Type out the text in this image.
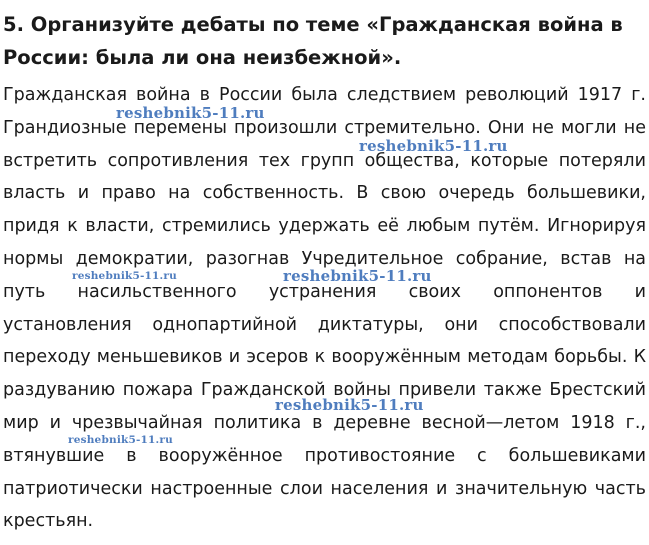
5. Организуйте дебаты по теме «Гражданская война в России: была ли она неизбежной».

Гражданская война в России была следствием революций 1917 г. Грандиозные перемены произошли стремительно. Они не могли не встретить сопротивления тех групп общества, которые потеряли власть и право на собственность. В свою очередь большевики, придя к власти, стремились удержать её любым путём. Игнорируя нормы демократии, разогнав Учредительное собрание, встав на путь насильственного устранения своих оппонентов и установления однопартийной диктатуры, они способствовали переходу меньшевиков и эсеров к вооружённым методам борьбы. К раздуванию пожара Гражданской войны привели также Брестский мир и чрезвычайная политика в деревне весной—летом 1918 г., втянувшие в вооружённое противостояние с большевиками патриотически настроенные слои населения и значительную часть крестьян.

reshebnik5-11.ru
reshebnik5-11.ru
reshebnik5-11.ru	reshebnik5-11.ru
reshebnik5-11.ru
reshebnik5-11.ru
